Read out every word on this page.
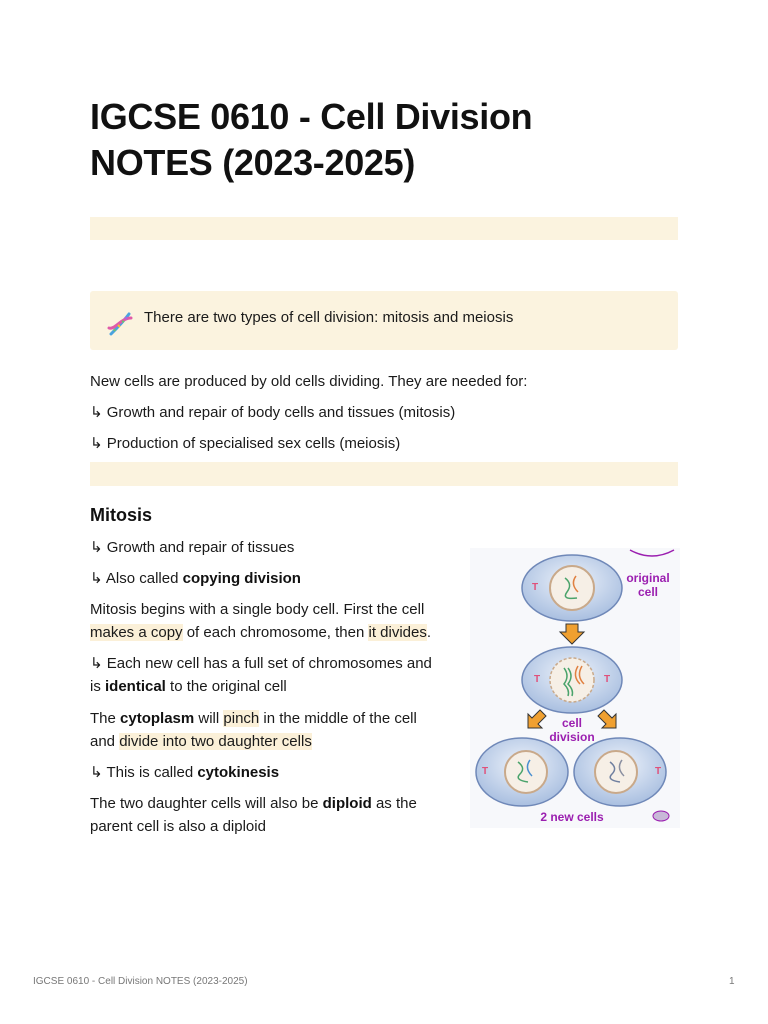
IGCSE 0610 - Cell Division
NOTES (2023-2025)
There are two types of cell division: mitosis and meiosis

New cells are produced by old cells dividing. They are needed for:

↳ Growth and repair of body cells and tissues (mitosis)

↳ Production of specialised sex cells (meiosis)

Mitosis

↳ Growth and repair of tissues

↳ Also called copying division

Mitosis begins with a single body cell. First the cell
makes a copy of each chromosome, then it divides.

↳ Each new cell has a full set of chromosomes and
is identical to the original cell

The cytoplasm will pinch in the middle of the cell
and divide into two daughter cells

↳ This is called cytokinesis

The two daughter cells will also be diploid as the
parent cell is also a diploid

T
original
cell
T	T
cell
division
T	T
2 new cells
IGCSE 0610 - Cell Division NOTES (2023-2025)	1
